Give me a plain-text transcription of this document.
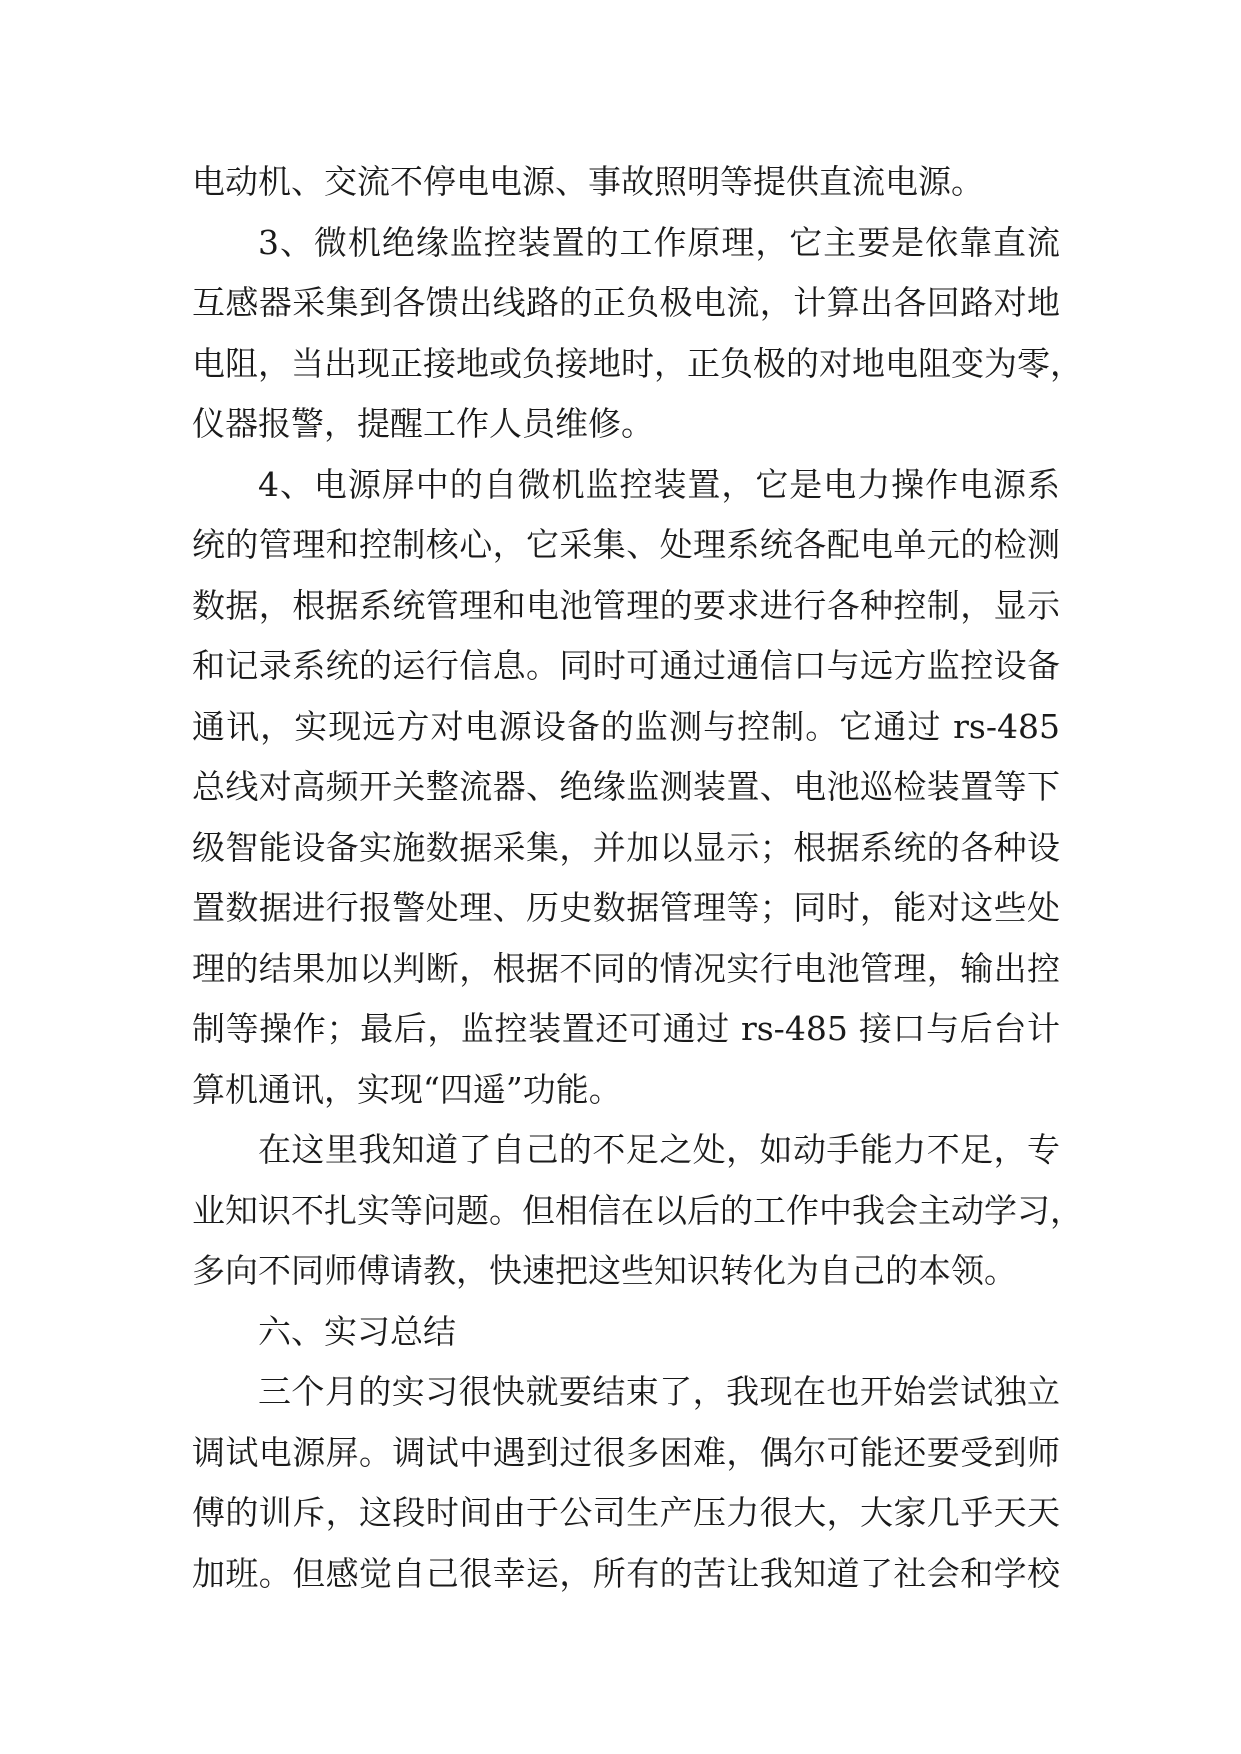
电动机、交流不停电电源、事故照明等提供直流电源。
3、微机绝缘监控装置的工作原理，它主要是依靠直流
互感器采集到各馈出线路的正负极电流，计算出各回路对地
电阻，当出现正接地或负接地时，正负极的对地电阻变为零，
仪器报警，提醒工作人员维修。
4、电源屏中的自微机监控装置，它是电力操作电源系
统的管理和控制核心，它采集、处理系统各配电单元的检测
数据，根据系统管理和电池管理的要求进行各种控制，显示
和记录系统的运行信息。同时可通过通信口与远方监控设备
通讯，实现远方对电源设备的监测与控制。它通过 rs-485
总线对高频开关整流器、绝缘监测装置、电池巡检装置等下
级智能设备实施数据采集，并加以显示；根据系统的各种设
置数据进行报警处理、历史数据管理等；同时，能对这些处
理的结果加以判断，根据不同的情况实行电池管理，输出控
制等操作；最后，监控装置还可通过 rs-485 接口与后台计
算机通讯，实现“四遥”功能。
在这里我知道了自己的不足之处，如动手能力不足，专
业知识不扎实等问题。但相信在以后的工作中我会主动学习，
多向不同师傅请教，快速把这些知识转化为自己的本领。
六、实习总结
三个月的实习很快就要结束了，我现在也开始尝试独立
调试电源屏。调试中遇到过很多困难，偶尔可能还要受到师
傅的训斥，这段时间由于公司生产压力很大，大家几乎天天
加班。但感觉自己很幸运，所有的苦让我知道了社会和学校
